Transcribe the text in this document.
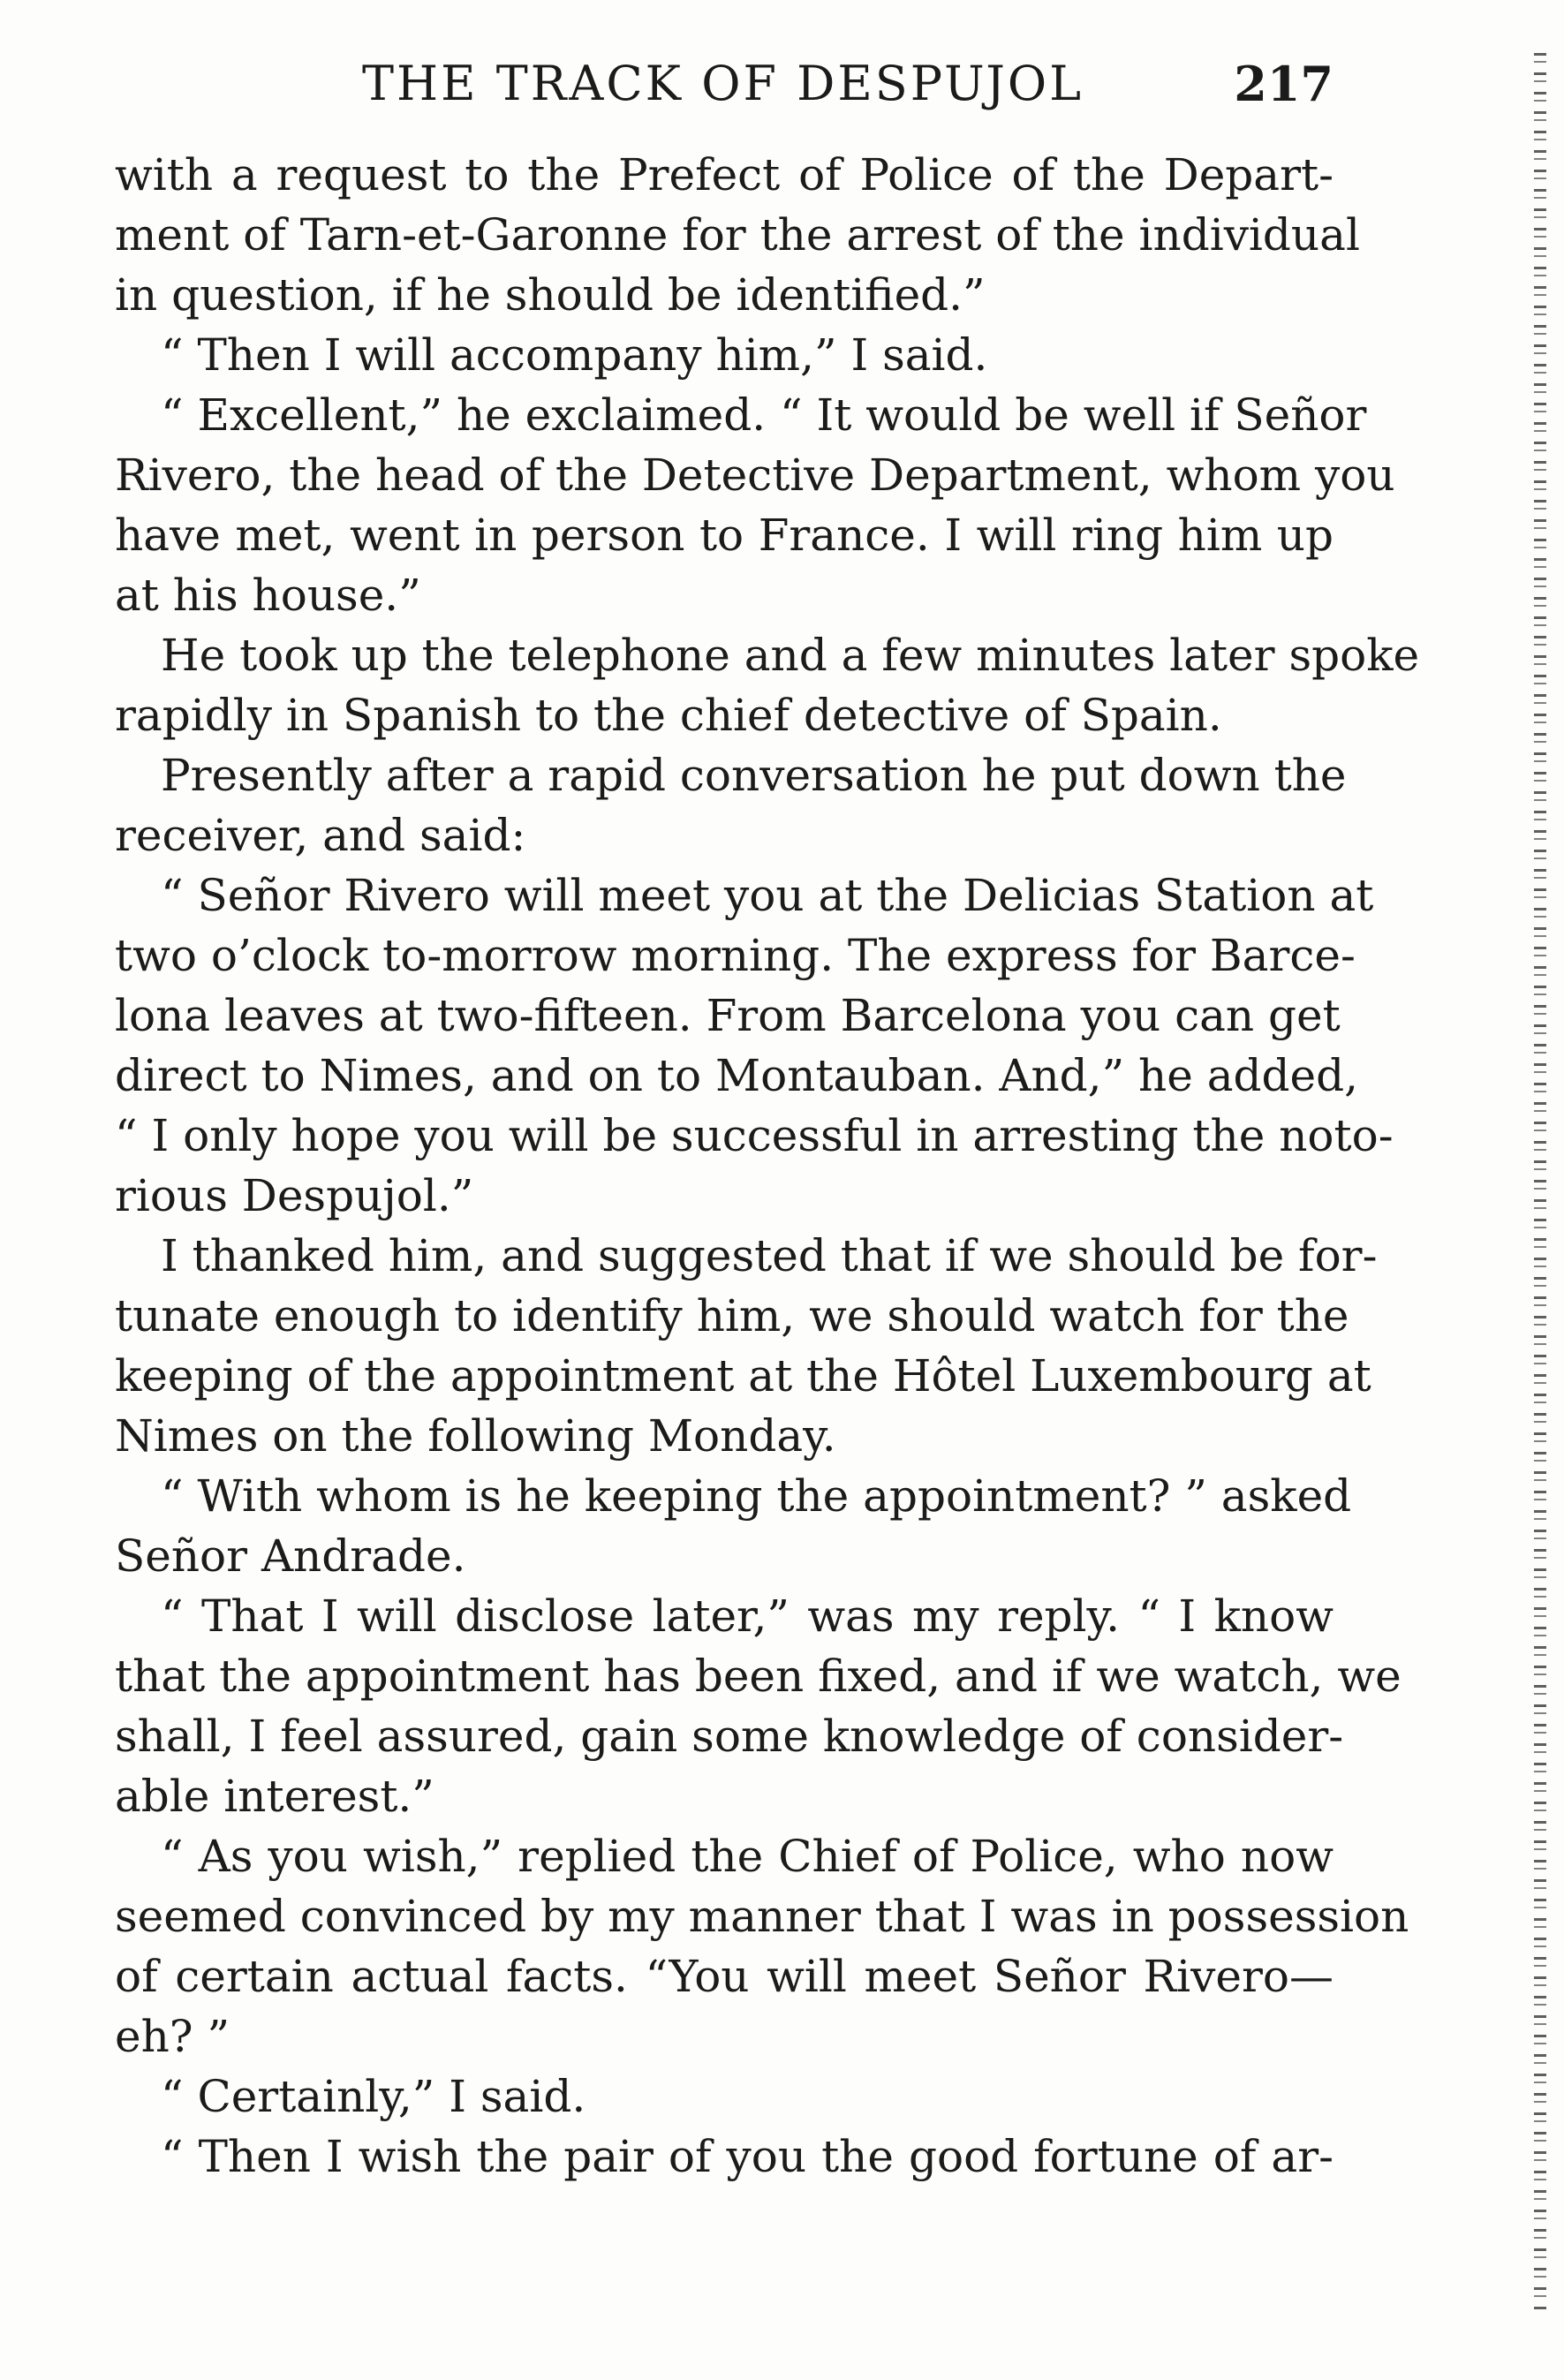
THE TRACK OF DESPUJOL	217
with a request to the Prefect of Police of the Depart-
ment of Tarn-et-Garonne for the arrest of the individual
in question, if he should be identified.”
“ Then I will accompany him,” I said.
“ Excellent,” he exclaimed. “ It would be well if Señor
Rivero, the head of the Detective Department, whom you
have met, went in person to France. I will ring him up
at his house.”
He took up the telephone and a few minutes later spoke
rapidly in Spanish to the chief detective of Spain.
Presently after a rapid conversation he put down the
receiver, and said:
“ Señor Rivero will meet you at the Delicias Station at
two o’clock to-morrow morning. The express for Barce-
lona leaves at two-fifteen. From Barcelona you can get
direct to Nimes, and on to Montauban. And,” he added,
“ I only hope you will be successful in arresting the noto-
rious Despujol.”
I thanked him, and suggested that if we should be for-
tunate enough to identify him, we should watch for the
keeping of the appointment at the Hôtel Luxembourg at
Nimes on the following Monday.
“ With whom is he keeping the appointment? ” asked
Señor Andrade.
“ That I will disclose later,” was my reply. “ I know
that the appointment has been fixed, and if we watch, we
shall, I feel assured, gain some knowledge of consider-
able interest.”
“ As you wish,” replied the Chief of Police, who now
seemed convinced by my manner that I was in possession
of certain actual facts. “You will meet Señor Rivero—
eh? ”
“ Certainly,” I said.
“ Then I wish the pair of you the good fortune of ar-
